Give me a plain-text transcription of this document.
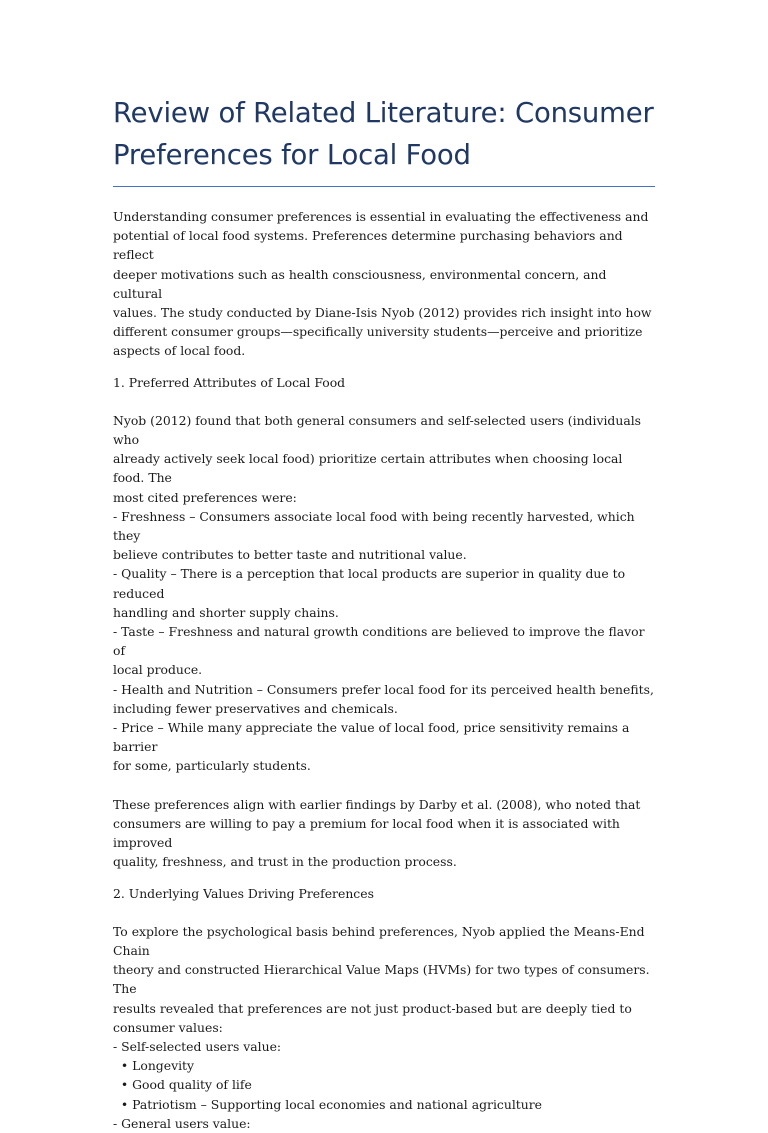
Review of Related Literature: Consumer Preferences for Local Food

Understanding consumer preferences is essential in evaluating the effectiveness and
potential of local food systems. Preferences determine purchasing behaviors and reflect
deeper motivations such as health consciousness, environmental concern, and cultural
values. The study conducted by Diane-Isis Nyob (2012) provides rich insight into how
different consumer groups—specifically university students—perceive and prioritize
aspects of local food.

1. Preferred Attributes of Local Food

Nyob (2012) found that both general consumers and self-selected users (individuals who
already actively seek local food) prioritize certain attributes when choosing local food. The
most cited preferences were:
- Freshness – Consumers associate local food with being recently harvested, which they
believe contributes to better taste and nutritional value.
- Quality – There is a perception that local products are superior in quality due to reduced
handling and shorter supply chains.
- Taste – Freshness and natural growth conditions are believed to improve the flavor of
local produce.
- Health and Nutrition – Consumers prefer local food for its perceived health benefits,
including fewer preservatives and chemicals.
- Price – While many appreciate the value of local food, price sensitivity remains a barrier
for some, particularly students.

These preferences align with earlier findings by Darby et al. (2008), who noted that
consumers are willing to pay a premium for local food when it is associated with improved
quality, freshness, and trust in the production process.

2. Underlying Values Driving Preferences

To explore the psychological basis behind preferences, Nyob applied the Means-End Chain
theory and constructed Hierarchical Value Maps (HVMs) for two types of consumers. The
results revealed that preferences are not just product-based but are deeply tied to
consumer values:
- Self-selected users value:
• Longevity
• Good quality of life
• Patriotism – Supporting local economies and national agriculture
- General users value:
